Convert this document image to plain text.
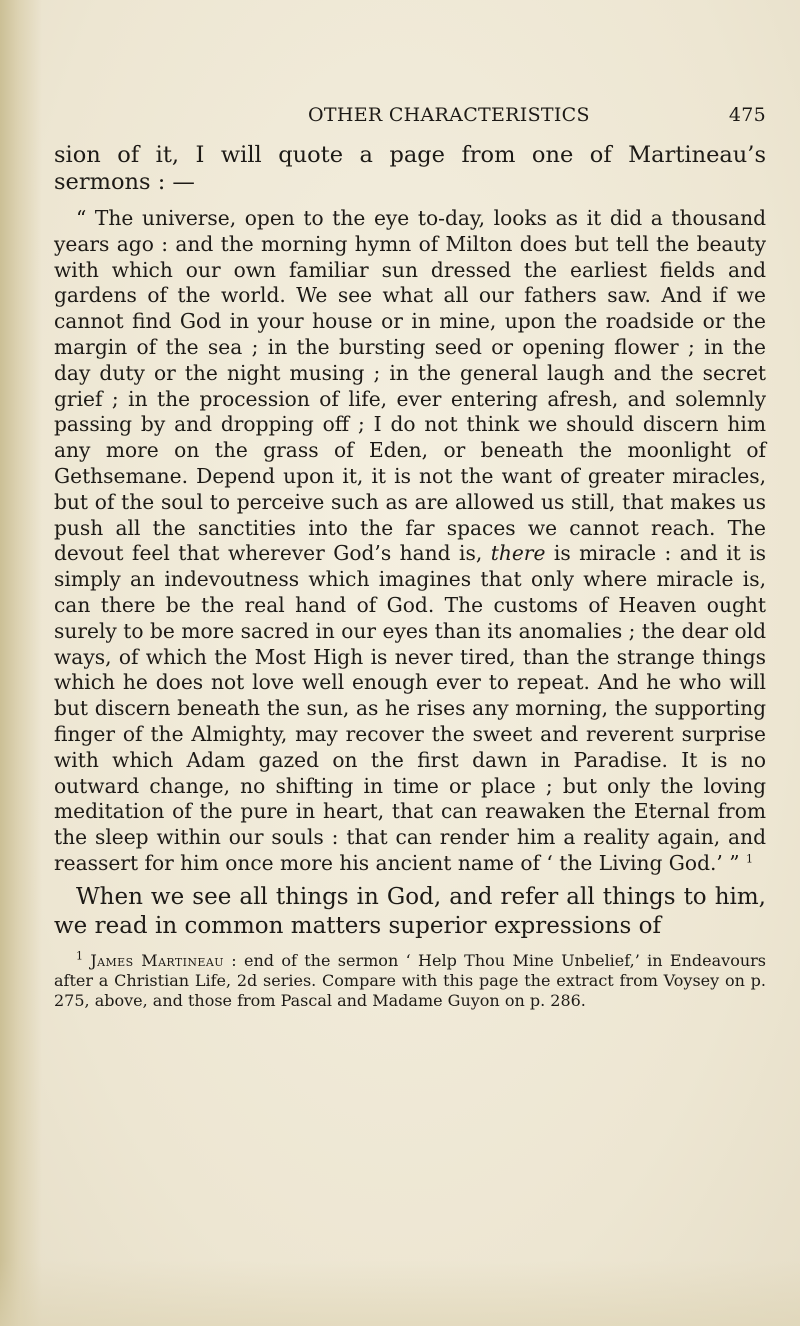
OTHER CHARACTERISTICS	475

sion of it, I will quote a page from one of Martineau’s sermons : —

“ The universe, open to the eye to-day, looks as it did a thousand years ago : and the morning hymn of Milton does but tell the beauty with which our own familiar sun dressed the earliest fields and gardens of the world. We see what all our fathers saw. And if we cannot find God in your house or in mine, upon the roadside or the margin of the sea ; in the bursting seed or opening flower ; in the day duty or the night musing ; in the general laugh and the secret grief ; in the procession of life, ever entering afresh, and solemnly passing by and dropping off ; I do not think we should discern him any more on the grass of Eden, or beneath the moonlight of Gethsemane. Depend upon it, it is not the want of greater miracles, but of the soul to perceive such as are allowed us still, that makes us push all the sanctities into the far spaces we cannot reach. The devout feel that wherever God’s hand is, there is miracle : and it is simply an indevoutness which imagines that only where miracle is, can there be the real hand of God. The customs of Heaven ought surely to be more sacred in our eyes than its anomalies ; the dear old ways, of which the Most High is never tired, than the strange things which he does not love well enough ever to repeat. And he who will but discern beneath the sun, as he rises any morning, the supporting finger of the Almighty, may recover the sweet and reverent surprise with which Adam gazed on the first dawn in Paradise. It is no outward change, no shifting in time or place ; but only the loving meditation of the pure in heart, that can reawaken the Eternal from the sleep within our souls : that can render him a reality again, and reassert for him once more his ancient name of ‘ the Living God.’ ” $^1$

When we see all things in God, and refer all things to him, we read in common matters superior expressions of

$^1$ James Martineau : end of the sermon ‘ Help Thou Mine Unbelief,’ in Endeavours after a Christian Life, 2d series. Compare with this page the extract from Voysey on p. 275, above, and those from Pascal and Madame Guyon on p. 286.
